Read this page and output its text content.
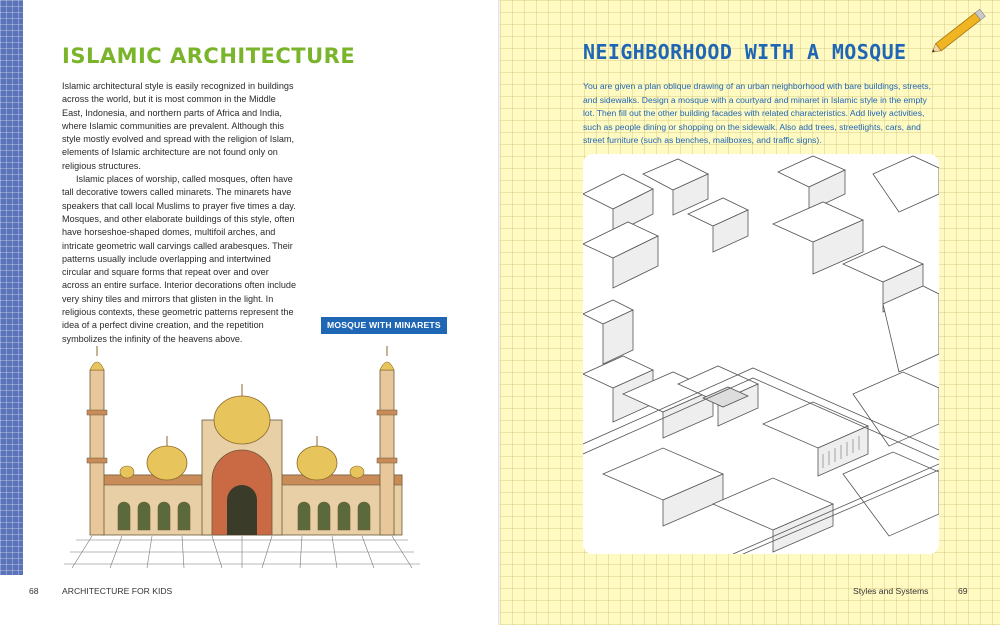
ISLAMIC ARCHITECTURE

Islamic architectural style is easily recognized in buildings across the world, but it is most common in the Middle East, Indonesia, and northern parts of Africa and India, where Islamic communities are prevalent. Although this style mostly evolved and spread with the religion of Islam, elements of Islamic architecture are not found only on religious structures.

Islamic places of worship, called mosques, often have tall decorative towers called minarets. The minarets have speakers that call local Muslims to prayer five times a day. Mosques, and other elaborate buildings of this style, often have horseshoe-shaped domes, multifoil arches, and intricate geometric wall carvings called arabesques. Their patterns usually include overlapping and intertwined circular and square forms that repeat over and over across an entire surface. Interior decorations often include very shiny tiles and mirrors that glisten in the light. In religious contexts, these geometric patterns represent the idea of a perfect divine creation, and the repetition symbolizes the infinity of the heavens above.

MOSQUE WITH MINARETS
68	ARCHITECTURE FOR KIDS
NEIGHBORHOOD WITH A MOSQUE

You are given a plan oblique drawing of an urban neighborhood with bare buildings, streets, and sidewalks. Design a mosque with a courtyard and minaret in Islamic style in the empty lot. Then fill out the other building facades with related characteristics. Add lively activities, such as people dining or shopping on the sidewalk. Also add trees, streetlights, cars, and street furniture (such as benches, mailboxes, and traffic signs).

Styles and Systems	69
